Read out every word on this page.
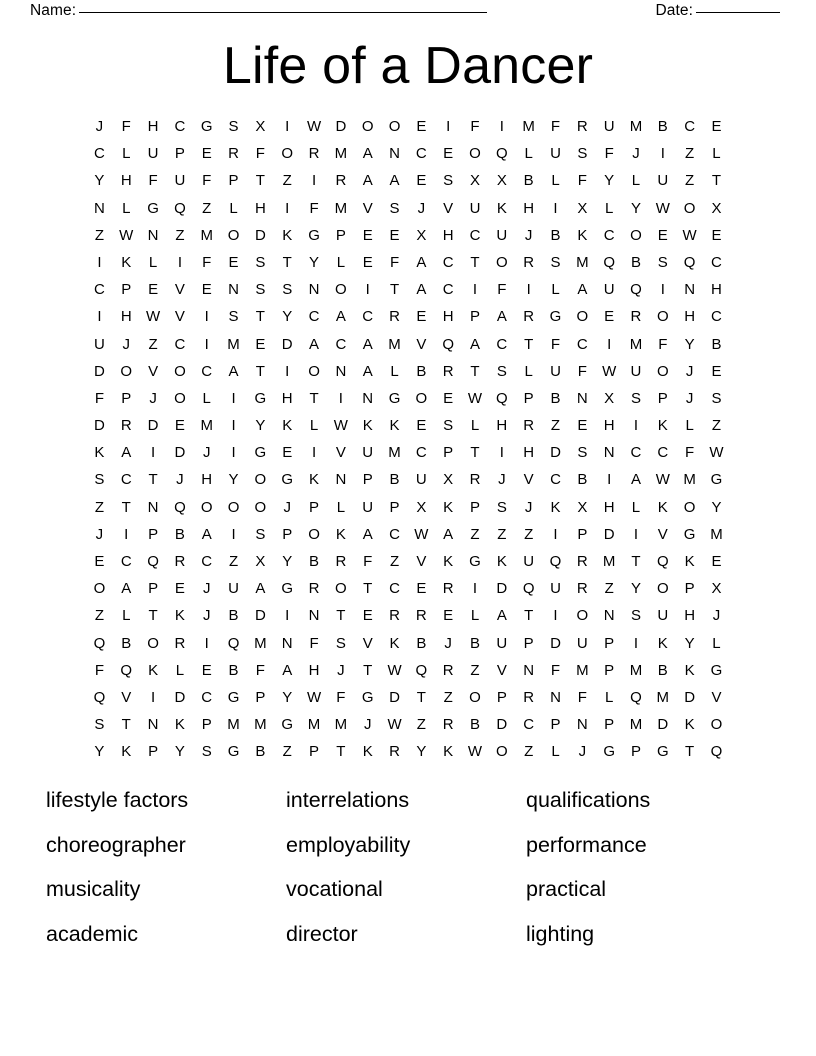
Name:	Date:
Life of a Dancer
J	F	H	C	G	S	X	I	W D	O	O	E	I	F	I	M	F	R	U	M	B	C	E
C	L	U	P	E	R	F	O	R	M	A	N	C	E	O	Q	L	U	S	F	J	I	Z	L
Y	H	F	U	F	P	T	Z	I	R	A	A	E	S	X	X	B	L	F	Y	L	U	Z	T
N	L	G	Q	Z	L	H	I	F	M	V	S	J	V	U	K	H	I	X	L	Y W O	X
Z	W N	Z	M O	D	K	G	P	E	E	X	H	C	U	J	B	K	C	O	E W E
I	K	L	I	F	E	S	T	Y	L	E	F	A	C	T	O	R	S	M Q	B	S	Q	C
C	P	E	V	E	N	S	S	N	O	I	T	A	C	I	F	I	L	A	U	Q	I	N	H
I	H W V	I	S	T	Y	C	A	C	R	E	H	P	A	R	G	O	E	R	O	H	C
U	J	Z	C	I	M	E	D	A	C	A	M	V	Q	A	C	T	F	C	I	M	F	Y	B
D	O	V	O	C	A	T	I	O	N	A	L	B	R	T	S	L	U	F	W U	O	J	E
F	P	J	O	L	I	G	H	T	I	N	G	O	E W Q	P	B	N	X	S	P	J	S
D	R	D	E	M	I	Y	K	L	W K	K	E	S	L	H	R	Z	E	H	I	K	L	Z
K	A	I	D	J	I	G	E	I	V	U	M	C	P	T	I	H	D	S	N	C	C	F	W
S	C	T	J	H	Y	O	G	K	N	P	B	U	X	R	J	V	C	B	I	A W M G
Z	T	N	Q	O	O	O	J	P	L	U	P	X	K	P	S	J	K	X	H	L	K	O	Y
J	I	P	B	A	I	S	P	O	K	A	C W A	Z	Z	Z	I	P	D	I	V	G M
E	C	Q	R	C	Z	X	Y	B	R	F	Z	V	K	G	K	U	Q	R	M	T	Q	K	E
O	A	P	E	J	U	A	G	R	O	T	C	E	R	I	D	Q	U	R	Z	Y	O	P	X
Z	L	T	K	J	B	D	I	N	T	E	R	R	E	L	A	T	I	O	N	S	U	H	J
Q	B	O	R	I	Q M	N	F	S	V	K	B	J	B	U	P	D	U	P	I	K	Y	L
F	Q	K	L	E	B	F	A	H	J	T	W Q	R	Z	V	N	F	M	P	M	B	K	G
Q	V	I	D	C	G	P	Y W	F	G	D	T	Z	O	P	R	N	F	L	Q M	D	V
S	T	N	K	P	M M G M M	J	W	Z	R	B	D	C	P	N	P	M	D	K	O
Y	K	P	Y	S	G	B	Z	P	T	K	R	Y	K W O	Z	L	J	G	P	G	T	Q
lifestyle factors	interrelations	qualifications
choreographer	employability	performance
musicality	vocational	practical
academic	director	lighting
